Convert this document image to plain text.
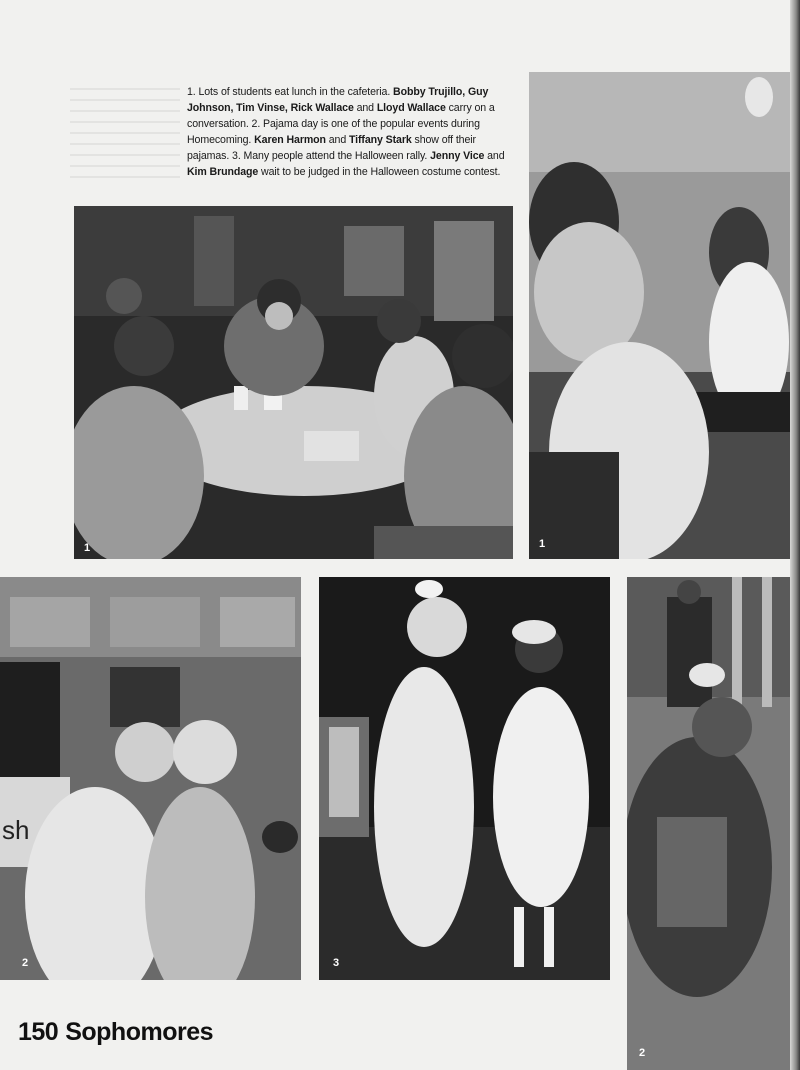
1. Lots of students eat lunch in the cafeteria. Bobby Trujillo, Guy Johnson, Tim Vinse, Rick Wallace and Lloyd Wallace carry on a conversation. 2. Pajama day is one of the popular events during Homecoming. Karen Harmon and Tiffany Stark show off their pajamas. 3. Many people attend the Halloween rally. Jenny Vice and Kim Brundage wait to be judged in the Halloween costume contest.

1	1
sh
2	3
2
150 Sophomores
